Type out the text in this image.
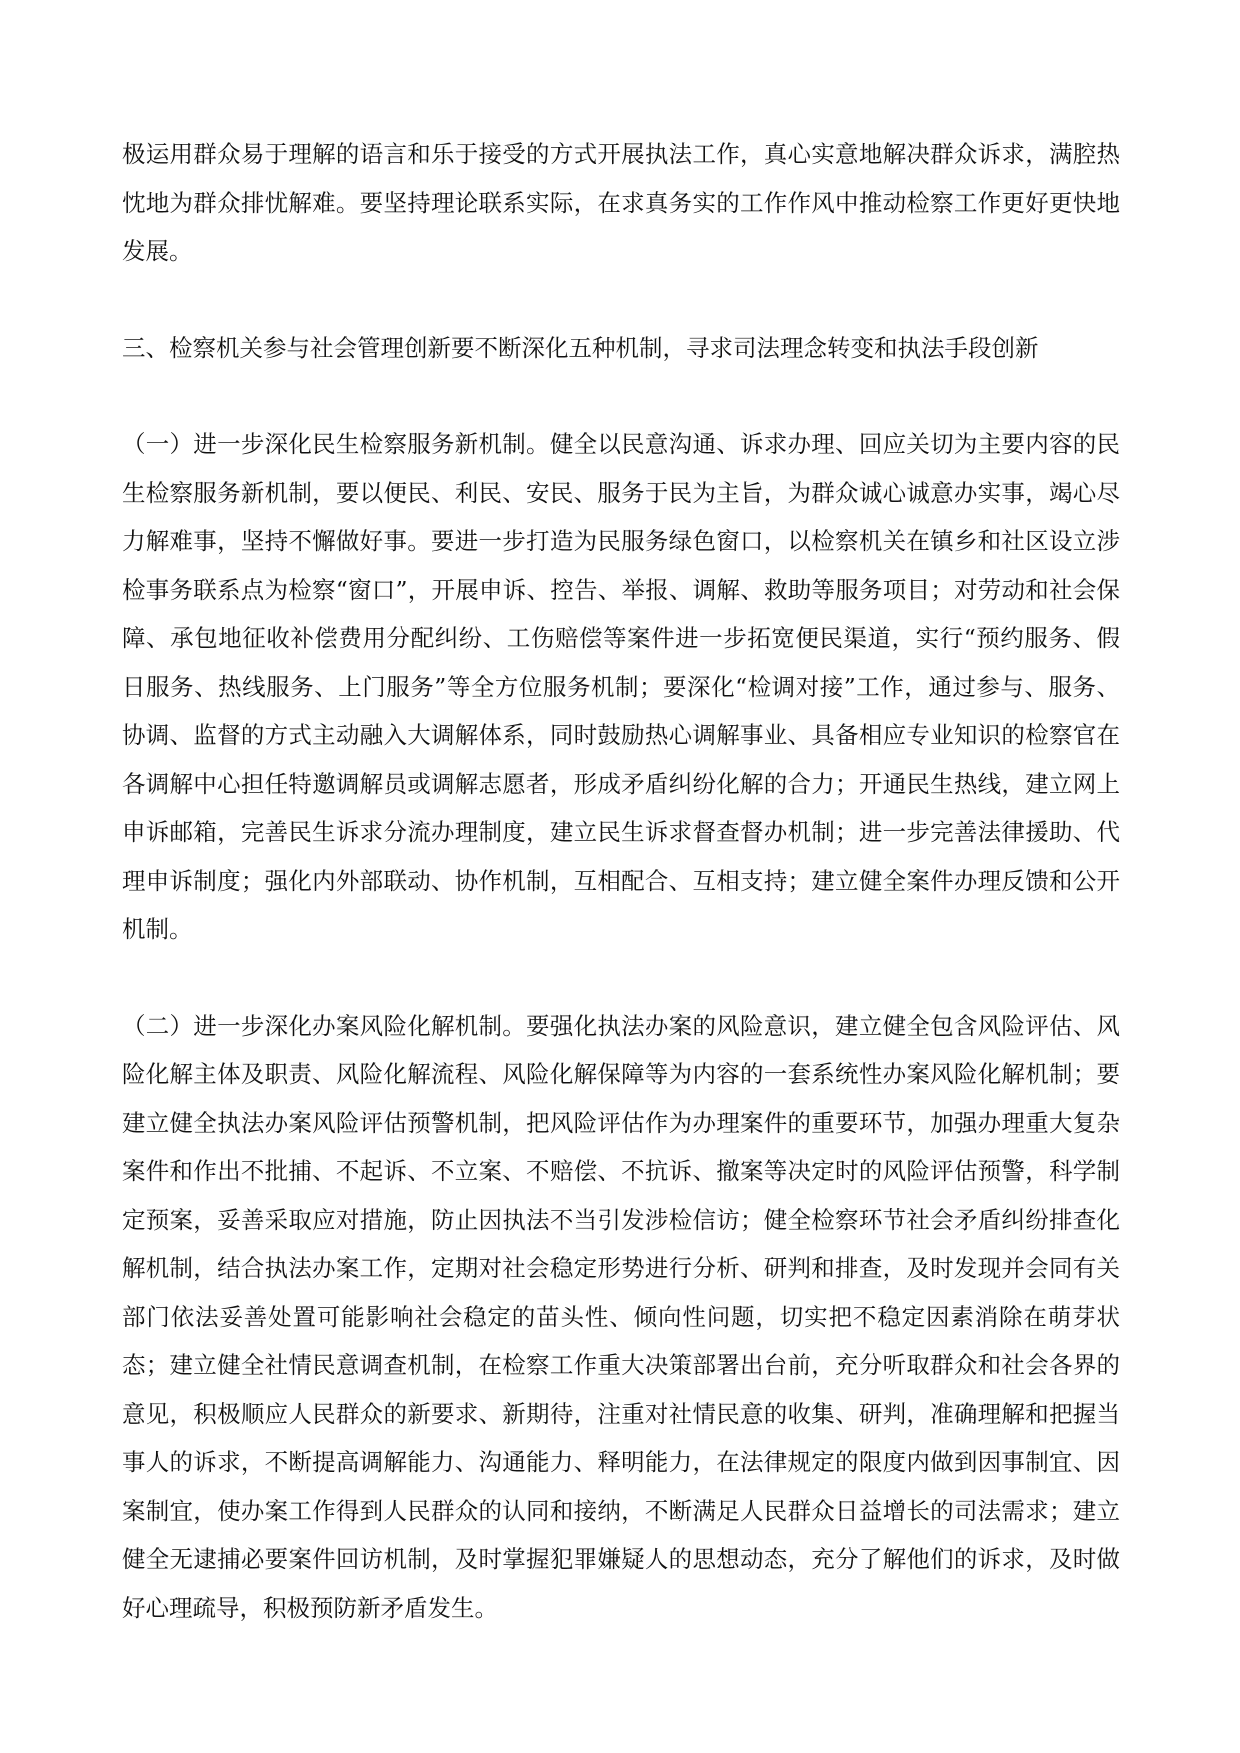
极运用群众易于理解的语言和乐于接受的方式开展执法工作，真心实意地解决群众诉求，满腔热忱地为群众排忧解难。要坚持理论联系实际，在求真务实的工作作风中推动检察工作更好更快地发展。

三、检察机关参与社会管理创新要不断深化五种机制，寻求司法理念转变和执法手段创新

（一）进一步深化民生检察服务新机制。健全以民意沟通、诉求办理、回应关切为主要内容的民生检察服务新机制，要以便民、利民、安民、服务于民为主旨，为群众诚心诚意办实事，竭心尽力解难事，坚持不懈做好事。要进一步打造为民服务绿色窗口，以检察机关在镇乡和社区设立涉检事务联系点为检察“窗口”，开展申诉、控告、举报、调解、救助等服务项目；对劳动和社会保障、承包地征收补偿费用分配纠纷、工伤赔偿等案件进一步拓宽便民渠道，实行“预约服务、假日服务、热线服务、上门服务”等全方位服务机制；要深化“检调对接”工作，通过参与、服务、协调、监督的方式主动融入大调解体系，同时鼓励热心调解事业、具备相应专业知识的检察官在各调解中心担任特邀调解员或调解志愿者，形成矛盾纠纷化解的合力；开通民生热线，建立网上申诉邮箱，完善民生诉求分流办理制度，建立民生诉求督查督办机制；进一步完善法律援助、代理申诉制度；强化内外部联动、协作机制，互相配合、互相支持；建立健全案件办理反馈和公开机制。

（二）进一步深化办案风险化解机制。要强化执法办案的风险意识，建立健全包含风险评估、风险化解主体及职责、风险化解流程、风险化解保障等为内容的一套系统性办案风险化解机制；要建立健全执法办案风险评估预警机制，把风险评估作为办理案件的重要环节，加强办理重大复杂案件和作出不批捕、不起诉、不立案、不赔偿、不抗诉、撤案等决定时的风险评估预警，科学制定预案，妥善采取应对措施，防止因执法不当引发涉检信访；健全检察环节社会矛盾纠纷排查化解机制，结合执法办案工作，定期对社会稳定形势进行分析、研判和排查，及时发现并会同有关部门依法妥善处置可能影响社会稳定的苗头性、倾向性问题，切实把不稳定因素消除在萌芽状态；建立健全社情民意调查机制，在检察工作重大决策部署出台前，充分听取群众和社会各界的意见，积极顺应人民群众的新要求、新期待，注重对社情民意的收集、研判，准确理解和把握当事人的诉求，不断提高调解能力、沟通能力、释明能力，在法律规定的限度内做到因事制宜、因案制宜，使办案工作得到人民群众的认同和接纳，不断满足人民群众日益增长的司法需求；建立健全无逮捕必要案件回访机制，及时掌握犯罪嫌疑人的思想动态，充分了解他们的诉求，及时做好心理疏导，积极预防新矛盾发生。
